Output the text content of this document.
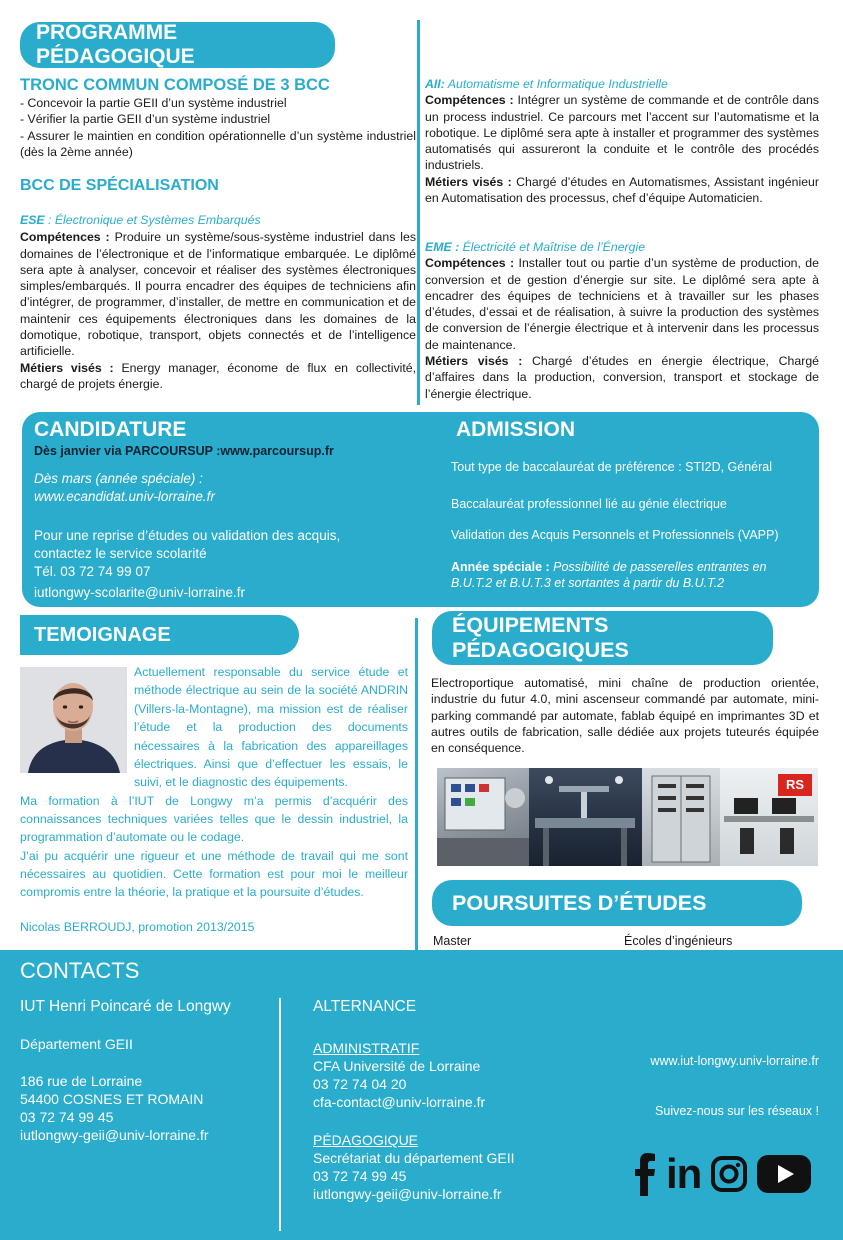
PROGRAMME PÉDAGOGIQUE
TRONC COMMUN COMPOSÉ DE 3 BCC
- Concevoir la partie GEII d’un système industriel
- Vérifier la partie GEII d’un système industriel
- Assurer le maintien en condition opérationnelle d’un système industriel (dès la 2ème année)
BCC DE SPÉCIALISATION
ESE : Électronique et Systèmes Embarqués
Compétences : Produire un système/sous-système industriel dans les domaines de l’électronique et de l’informatique embarquée. Le diplômé sera apte à analyser, concevoir et réaliser des systèmes électroniques simples/embarqués. Il pourra encadrer des équipes de techniciens afin d’intégrer, de programmer, d’installer, de mettre en communication et de maintenir ces équipements électroniques dans les domaines de la domotique, robotique, transport, objets connectés et de l’intelligence artificielle.
Métiers visés : Energy manager, économe de flux en collectivité, chargé de projets énergie.
AII: Automatisme et Informatique Industrielle
Compétences : Intégrer un système de commande et de contrôle dans un process industriel. Ce parcours met l’accent sur l’automatisme et la robotique. Le diplômé sera apte à installer et programmer des systèmes automatisés qui assureront la conduite et le contrôle des procédés industriels.
Métiers visés : Chargé d’études en Automatismes, Assistant ingénieur en Automatisation des processus, chef d’équipe Automaticien.
EME : Électricité et Maîtrise de l’Énergie
Compétences : Installer tout ou partie d’un système de production, de conversion et de gestion d’énergie sur site. Le diplômé sera apte à encadrer des équipes de techniciens et à travailler sur les phases d’études, d’essai et de réalisation, à suivre la production des systèmes de conversion de l’énergie électrique et à intervenir dans les processus de maintenance.
Métiers visés : Chargé d’études en énergie électrique, Chargé d’affaires dans la production, conversion, transport et stockage de l’énergie électrique.
CANDIDATURE
Dès janvier via PARCOURSUP :www.parcoursup.fr
Dès mars (année spéciale) :
www.ecandidat.univ-lorraine.fr
Pour une reprise d’études ou validation des acquis,
contactez le service scolarité
Tél. 03 72 74 99 07
iutlongwy-scolarite@univ-lorraine.fr
ADMISSION
Tout type de baccalauréat de préférence : STI2D, Général
Baccalauréat professionnel lié au génie électrique
Validation des Acquis Personnels et Professionnels (VAPP)
Année spéciale : Possibilité de passerelles entrantes en B.U.T.2 et B.U.T.3 et sortantes à partir du B.U.T.2
TEMOIGNAGE
Actuellement responsable du service étude et méthode électrique au sein de la société ANDRIN (Villers-la-Montagne), ma mission est de réaliser l’étude et la production des documents nécessaires à la fabrication des appareillages électriques. Ainsi que d’effectuer les essais, le suivi, et le diagnostic des équipements.
Ma formation à l’IUT de Longwy m’a permis d’acquérir des connaissances techniques variées telles que le dessin industriel, la programmation d’automate ou le codage.
J’ai pu acquérir une rigueur et une méthode de travail qui me sont nécessaires au quotidien. Cette formation est pour moi le meilleur compromis entre la théorie, la pratique et la poursuite d’études.
Nicolas BERROUDJ, promotion 2013/2015
ÉQUIPEMENTS PÉDAGOGIQUES
Electroportique automatisé, mini chaîne de production orientée, industrie du futur 4.0, mini ascenseur commandé par automate, mini-parking commandé par automate, fablab équipé en imprimantes 3D et autres outils de fabrication, salle dédiée aux projets tuteurés équipée en conséquence.
RS
POURSUITES D’ÉTUDES
Master	Écoles d’ingénieurs
CONTACTS
IUT Henri Poincaré de Longwy
Département GEII
186 rue de Lorraine
54400 COSNES ET ROMAIN
03 72 74 99 45
iutlongwy-geii@univ-lorraine.fr
ALTERNANCE
ADMINISTRATIF
CFA Université de Lorraine
03 72 74 04 20
cfa-contact@univ-lorraine.fr
PÉDAGOGIQUE
Secrétariat du département GEII
03 72 74 99 45
iutlongwy-geii@univ-lorraine.fr
www.iut-longwy.univ-lorraine.fr
Suivez-nous sur les réseaux !
in
